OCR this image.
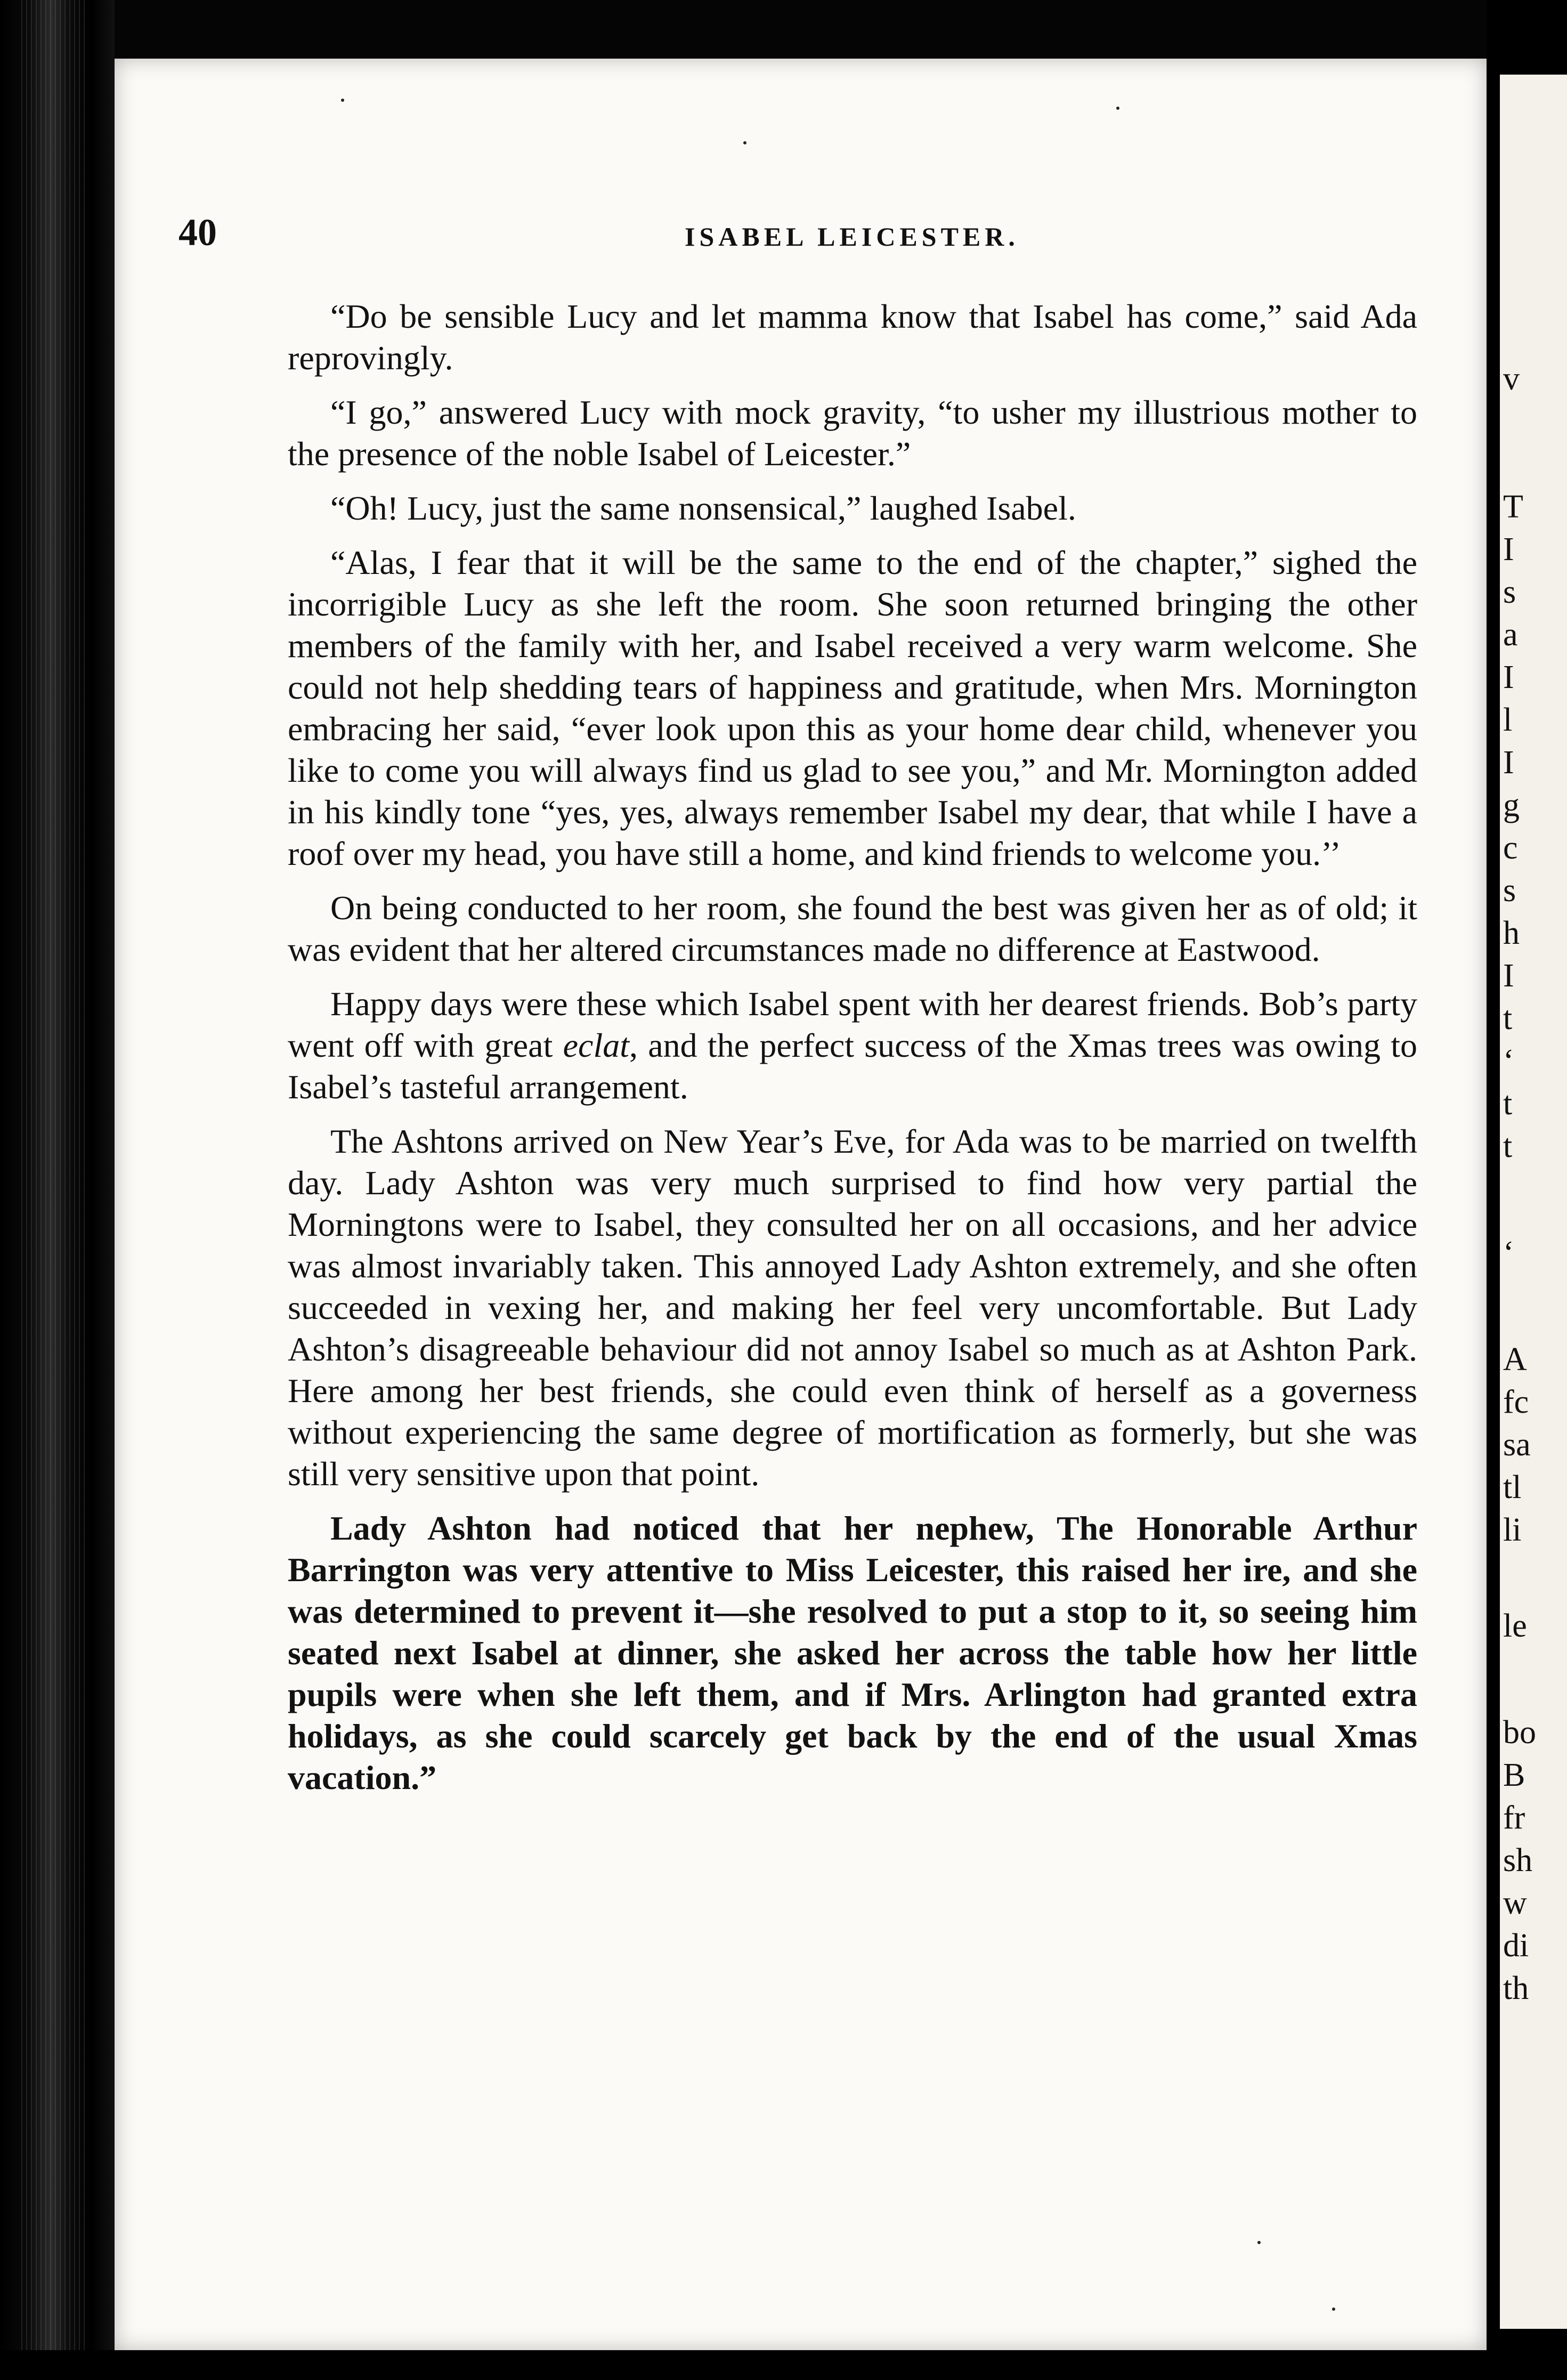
v
T
I
s
a
I
l
I
g
c
s
h
I
t
‘
t
t
‘
A
fc
sa
tl
li
le
bo
B
fr
sh
w
di
th
40	ISABEL LEICESTER.

“Do be sensible Lucy and let mamma know that Isabel has come,” said Ada reprovingly.

“I go,” answered Lucy with mock gravity, “to usher my illustrious mother to the presence of the noble Isabel of Leicester.”

“Oh! Lucy, just the same nonsensical,” laughed Isabel.

“Alas, I fear that it will be the same to the end of the chapter,” sighed the incorrigible Lucy as she left the room. She soon returned bringing the other members of the family with her, and Isabel received a very warm welcome. She could not help shedding tears of happiness and gratitude, when Mrs. Mornington embracing her said, “ever look upon this as your home dear child, whenever you like to come you will always find us glad to see you,” and Mr. Mornington added in his kindly tone “yes, yes, always remember Isabel my dear, that while I have a roof over my head, you have still a home, and kind friends to welcome you.’’

On being conducted to her room, she found the best was given her as of old; it was evident that her altered circumstances made no difference at Eastwood.

Happy days were these which Isabel spent with her dearest friends. Bob’s party went off with great eclat, and the perfect success of the Xmas trees was owing to Isabel’s tasteful arrangement.

The Ashtons arrived on New Year’s Eve, for Ada was to be married on twelfth day. Lady Ashton was very much surprised to find how very partial the Morningtons were to Isabel, they consulted her on all occasions, and her advice was almost invariably taken. This annoyed Lady Ashton extremely, and she often succeeded in vexing her, and making her feel very uncomfortable. But Lady Ashton’s disagreeable behaviour did not annoy Isabel so much as at Ashton Park. Here among her best friends, she could even think of herself as a governess without experiencing the same degree of mortification as formerly, but she was still very sensitive upon that point.

Lady Ashton had noticed that her nephew, The Honorable Arthur Barrington was very attentive to Miss Leicester, this raised her ire, and she was determined to prevent it—she resolved to put a stop to it, so seeing him seated next Isabel at dinner, she asked her across the table how her little pupils were when she left them, and if Mrs. Arlington had granted extra holidays, as she could scarcely get back by the end of the usual Xmas vacation.”
